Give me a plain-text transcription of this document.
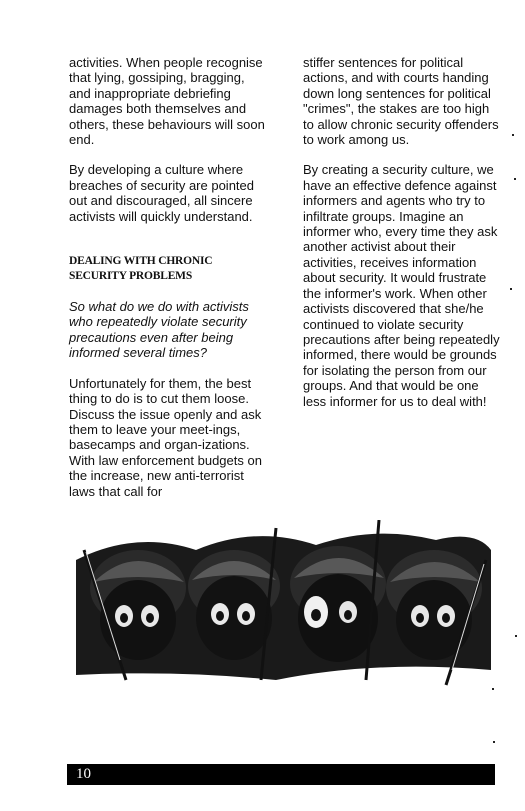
activities. When people recognise that lying, gossiping, bragging, and inappropriate debriefing damages both themselves and others, these behaviours will soon end.

By developing a culture where breaches of security are pointed out and discouraged, all sincere activists will quickly understand.

DEALING WITH CHRONIC SECURITY PROBLEMS

So what do we do with activists who repeatedly violate security precautions even after being informed several times?

Unfortunately for them, the best thing to do is to cut them loose. Discuss the issue openly and ask them to leave your meet-ings, basecamps and organ-izations. With law enforcement budgets on the increase, new anti-terrorist laws that call for

stiffer sentences for political actions, and with courts handing down long sentences for political "crimes", the stakes are too high to allow chronic security offenders to work among us.

By creating a security culture, we have an effective defence against informers and agents who try to infiltrate groups. Imagine an informer who, every time they ask another activist about their activities, receives information about security. It would frustrate the informer's work. When other activists discovered that she/he continued to violate security precautions after being repeatedly informed, there would be grounds for isolating the person from our groups. And that would be one less informer for us to deal with!

10
